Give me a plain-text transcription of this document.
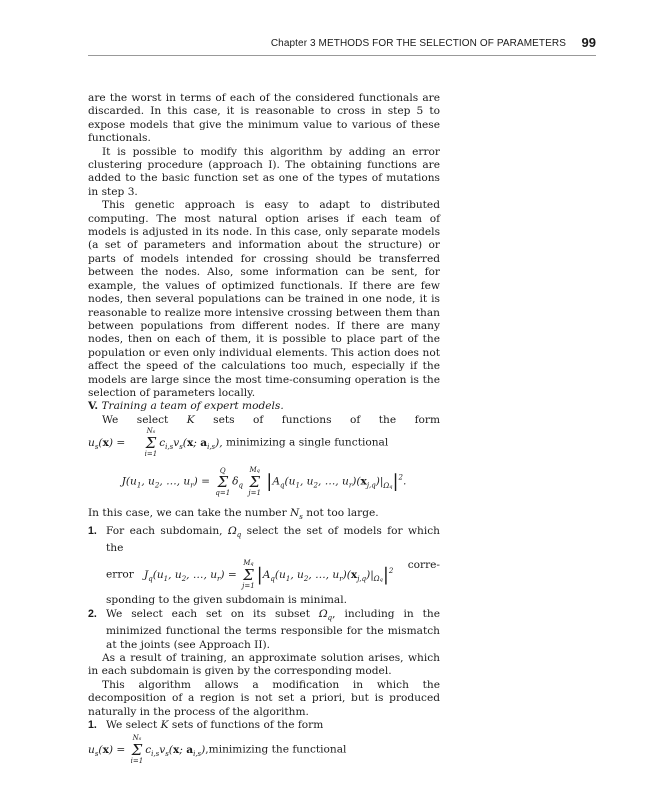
Chapter 3 METHODS FOR THE SELECTION OF PARAMETERS 99

are the worst in terms of each of the considered functionals are discarded. In this case, it is reasonable to cross in step 5 to expose models that give the minimum value to various of these functionals.

It is possible to modify this algorithm by adding an error clustering procedure (approach I). The obtaining functions are added to the basic function set as one of the types of mutations in step 3.

This genetic approach is easy to adapt to distributed computing. The most natural option arises if each team of models is adjusted in its node. In this case, only separate models (a set of parameters and information about the structure) or parts of models intended for crossing should be transferred between the nodes. Also, some information can be sent, for example, the values of optimized functionals. If there are few nodes, then several populations can be trained in one node, it is reasonable to realize more intensive crossing between them than between populations from different nodes. If there are many nodes, then on each of them, it is possible to place part of the population or even only individual elements. This action does not affect the speed of the calculations too much, especially if the models are large since the most time-consuming operation is the selection of parameters locally.

V. Training a team of expert models.

We select K sets of functions of the form $u_s(x)$ =
Ns
Σ
i=1
$c_{i,s}v_s(x$; $a_{i,s}$), minimizing a single functional

$J(u_1$, $u_2$, …, $u_r$) =
Q
Σ
q=1
$\delta_q$
Mq
Σ
j=1
$|A_q(u_1$, $u_2$, …, $u_r)(x_{j,q})|_{\Omega q}|^2$.

In this case, we can take the number $N_s$ not too large.

1. For each subdomain, $\Omega_q$ select the set of models for which the
error $J_q(u_1$, $u_2$, …, $u_r$) =
Mq
Σ
j=1
$|A_q(u_1$, $u_2$, …, $u_r)(x_{j,q})|_{\Omega q}|^2$ corre-
sponding to the given subdomain is minimal.
2. We select each set on its subset $\Omega_q$, including in the minimized functional the terms responsible for the mismatch at the joints (see Approach II).

As a result of training, an approximate solution arises, which in each subdomain is given by the corresponding model.

This algorithm allows a modification in which the decomposition of a region is not set a priori, but is produced naturally in the process of the algorithm.

1. We select K sets of functions of the form
$u_s(x)$ =
Ns
Σ
i=1
$c_{i,s}v_s(x$; $a_{i,s}),minimizing$ the functional
